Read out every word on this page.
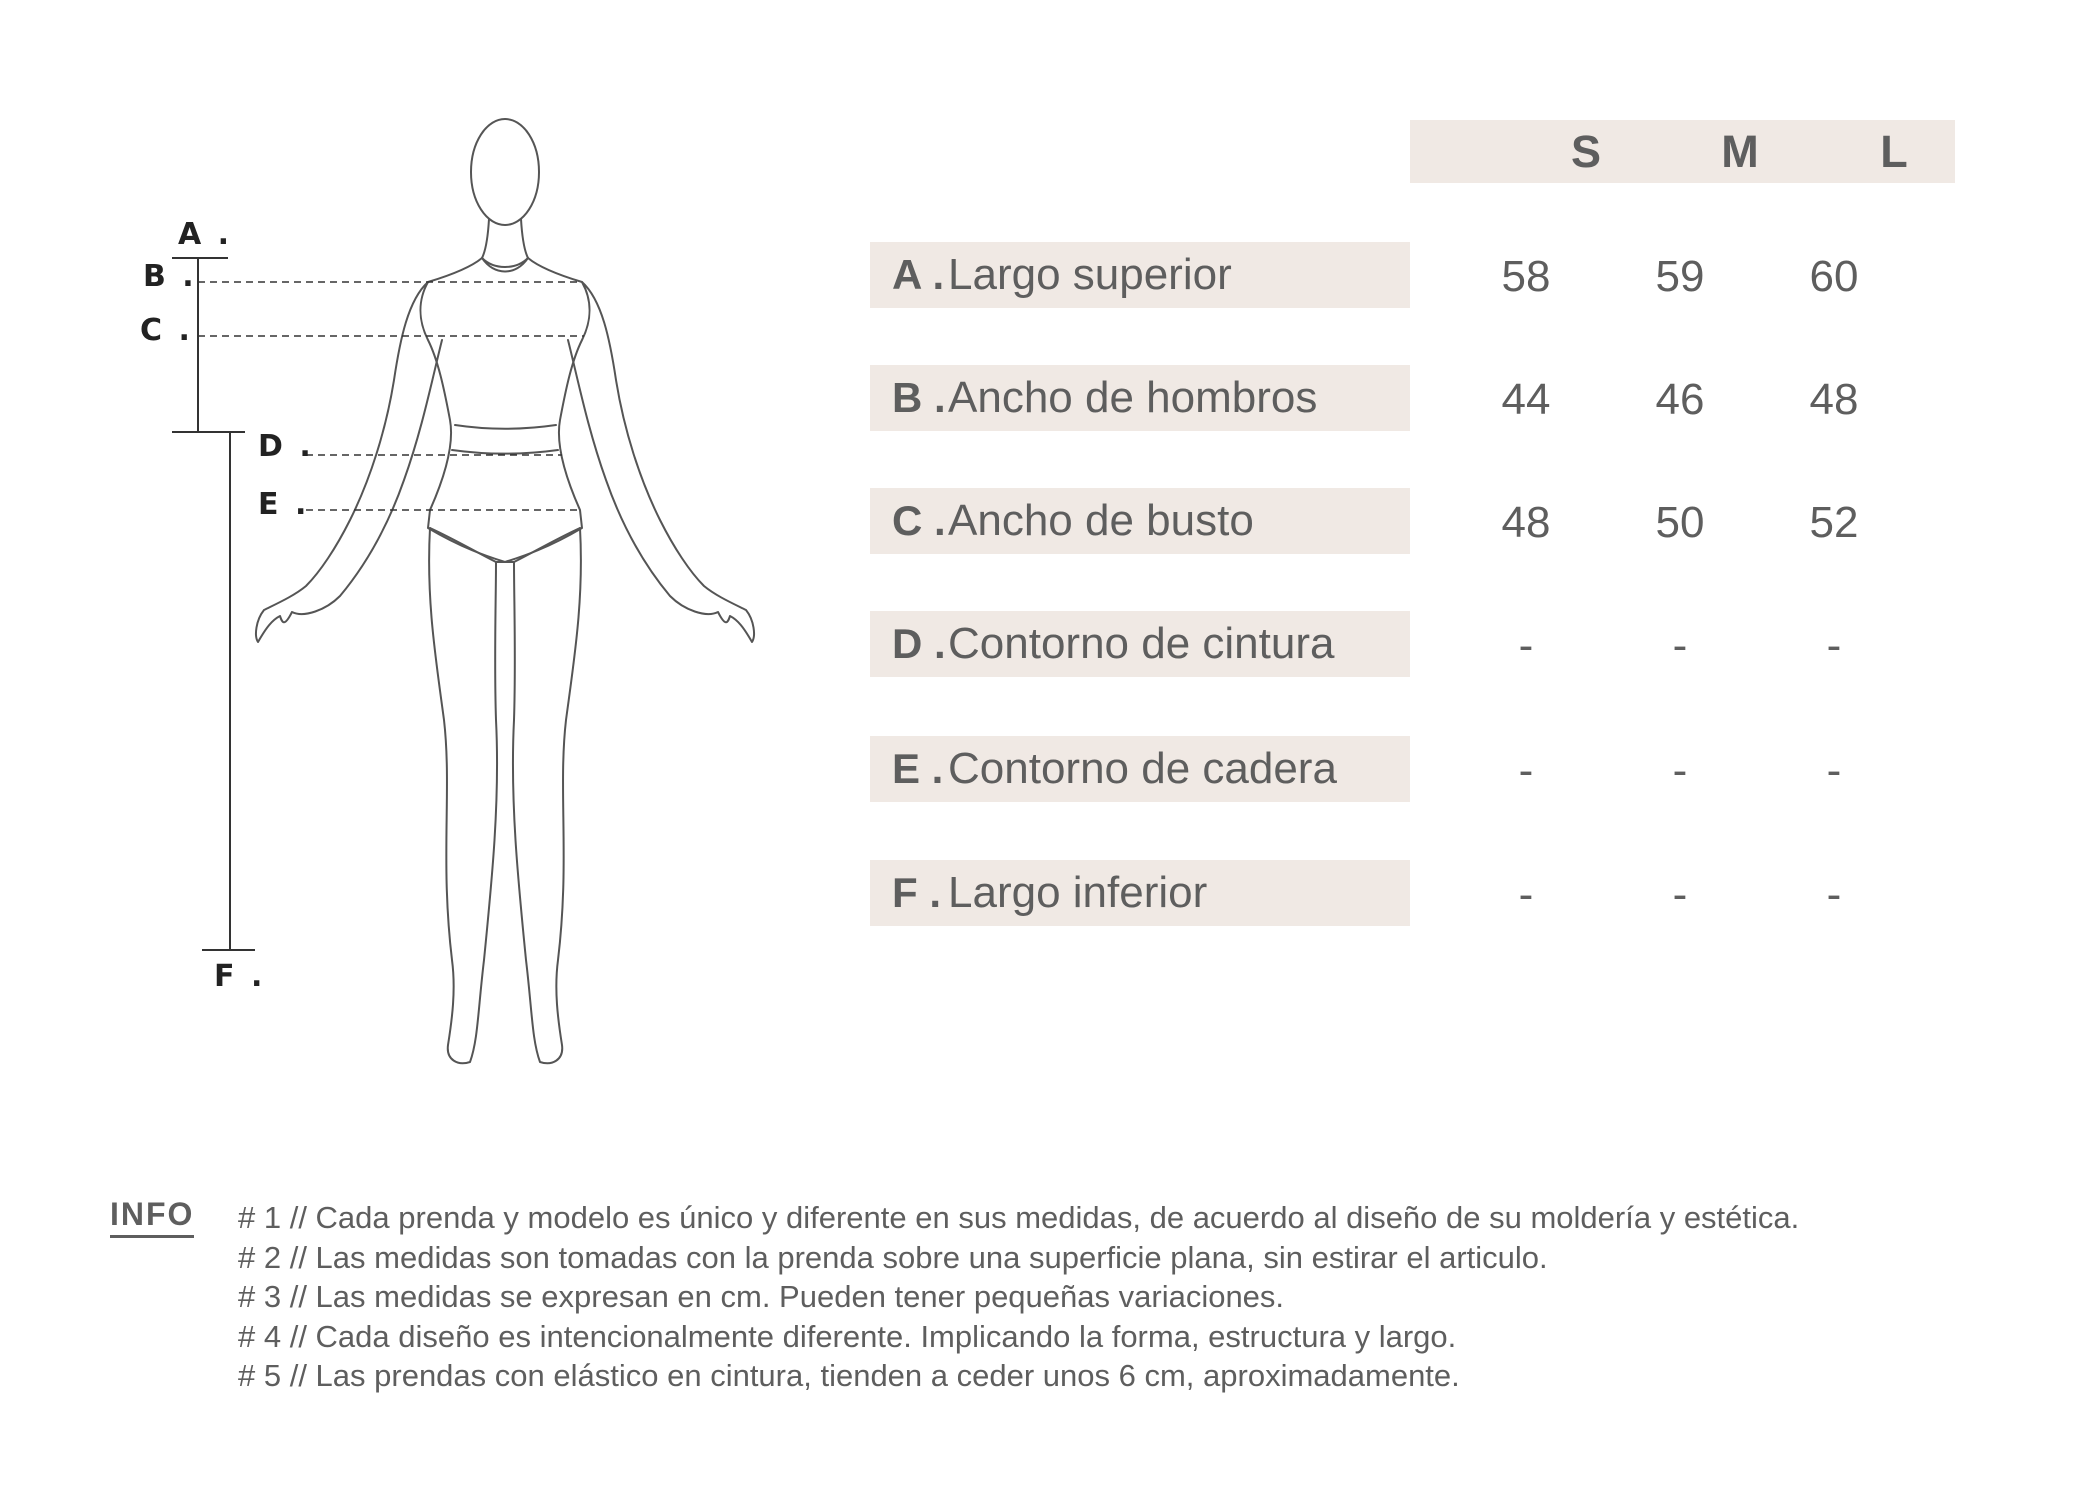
A .
B .
C .
D .
E .
F .
S	M	L
A . Largo superior	58	59	60
B . Ancho de hombros	44	46	48
C . Ancho de busto	48	50	52
D . Contorno de cintura	-	-	-
E . Contorno de cadera	-	-	-
F . Largo inferior	-	-	-
INFO # 1 // Cada prenda y modelo es único y diferente en sus medidas, de acuerdo al diseño de su moldería y estética.
# 2 // Las medidas son tomadas con la prenda sobre una superficie plana, sin estirar el articulo.
# 3 // Las medidas se expresan en cm. Pueden tener pequeñas variaciones.
# 4 // Cada diseño es intencionalmente diferente. Implicando la forma, estructura y largo.
# 5 // Las prendas con elástico en cintura, tienden a ceder unos 6 cm, aproximadamente.
